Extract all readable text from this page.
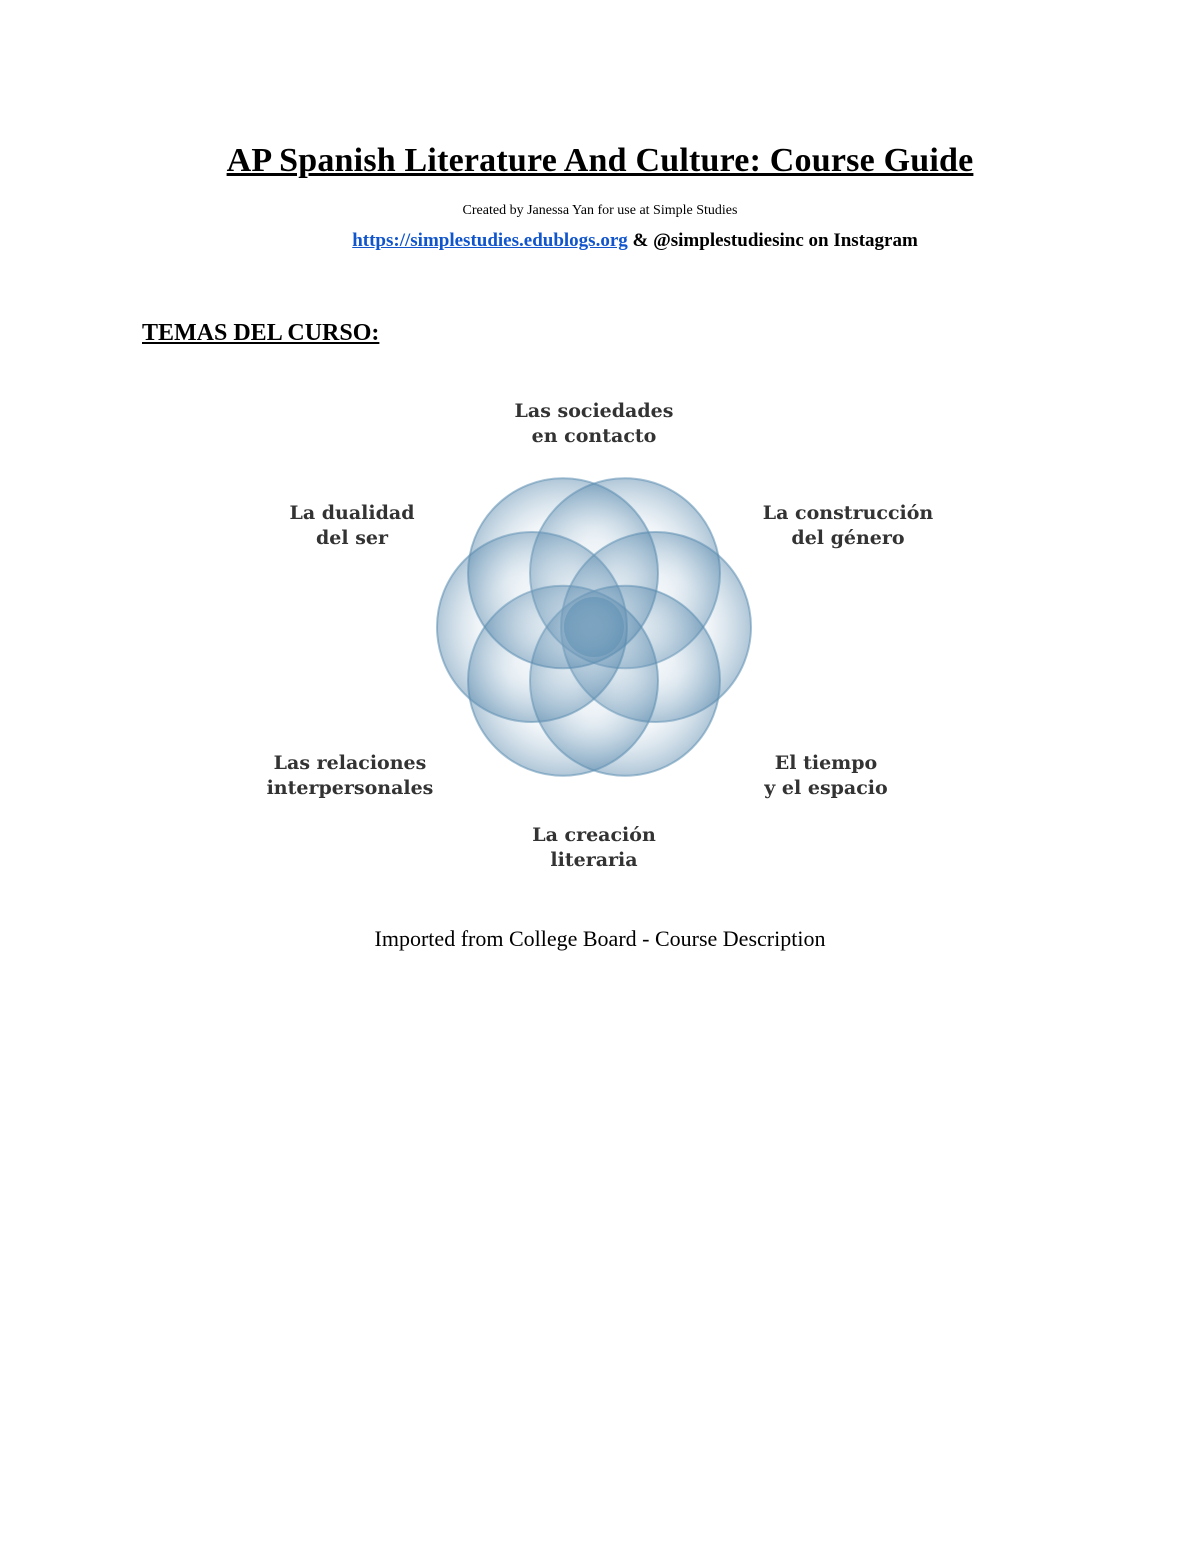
AP Spanish Literature And Culture: Course Guide
Created by Janessa Yan for use at Simple Studies
https://simplestudies.edublogs.org & @simplestudiesinc on Instagram
TEMAS DEL CURSO:
Las sociedades en contacto
La construcción del género
El tiempo y el espacio
La creación literaria
Las relaciones interpersonales
La dualidad del ser
Imported from College Board - Course Description
